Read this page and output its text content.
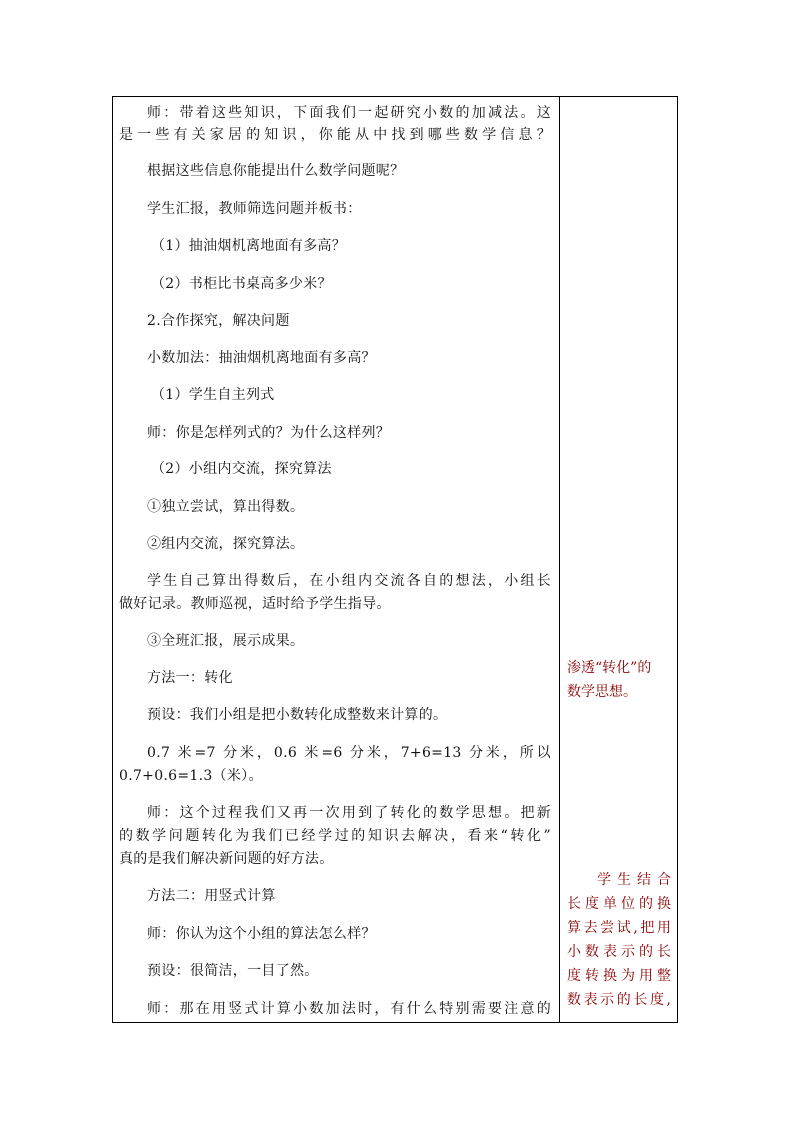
师：带着这些知识，下面我们一起研究小数的加减法。这
是一些有关家居的知识，你能从中找到哪些数学信息？
根据这些信息你能提出什么数学问题呢？
学生汇报，教师筛选问题并板书：
（1）抽油烟机离地面有多高？
（2）书柜比书桌高多少米？
2.合作探究，解决问题
小数加法：抽油烟机离地面有多高？
（1）学生自主列式
师：你是怎样列式的？为什么这样列？
（2）小组内交流，探究算法
①独立尝试，算出得数。
②组内交流，探究算法。
学生自己算出得数后，在小组内交流各自的想法，小组长
做好记录。教师巡视，适时给予学生指导。
③全班汇报，展示成果。
方法一：转化
预设：我们小组是把小数转化成整数来计算的。
0.7 米=7 分米，0.6 米=6 分米，7+6=13 分米，所以
0.7+0.6=1.3（米）。
师：这个过程我们又再一次用到了转化的数学思想。把新
的数学问题转化为我们已经学过的知识去解决，看来“转化”
真的是我们解决新问题的好方法。
方法二：用竖式计算
师：你认为这个小组的算法怎么样？
预设：很简洁，一目了然。
师：那在用竖式计算小数加法时，有什么特别需要注意的
渗透“转化”的
数学思想。
学生结合
长度单位的换
算去尝试,把用
小数表示的长
度转换为用整
数表示的长度,
